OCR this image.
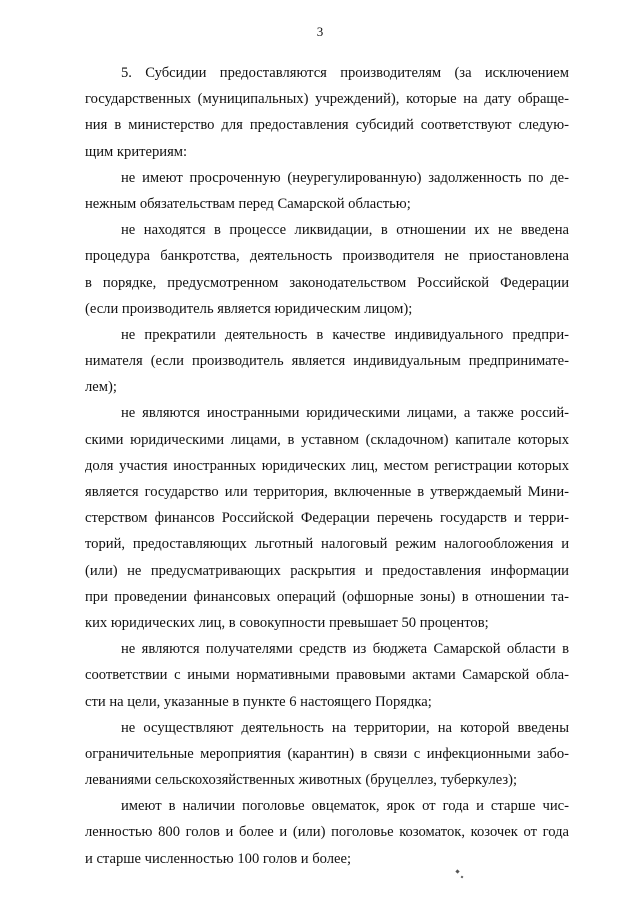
3
5. Субсидии предоставляются производителям (за исключением
государственных (муниципальных) учреждений), которые на дату обраще-
ния в министерство для предоставления субсидий соответствуют следую-
щим критериям:
не имеют просроченную (неурегулированную) задолженность по де-
нежным обязательствам перед Самарской областью;
не находятся в процессе ликвидации, в отношении их не введена
процедура банкротства, деятельность производителя не приостановлена
в порядке, предусмотренном законодательством Российской Федерации
(если производитель является юридическим лицом);
не прекратили деятельность в качестве индивидуального предпри-
нимателя (если производитель является индивидуальным предпринимате-
лем);
не являются иностранными юридическими лицами, а также россий-
скими юридическими лицами, в уставном (складочном) капитале которых
доля участия иностранных юридических лиц, местом регистрации которых
является государство или территория, включенные в утверждаемый Мини-
стерством финансов Российской Федерации перечень государств и терри-
торий, предоставляющих льготный налоговый режим налогообложения и
(или) не предусматривающих раскрытия и предоставления информации
при проведении финансовых операций (офшорные зоны) в отношении та-
ких юридических лиц, в совокупности превышает 50 процентов;
не являются получателями средств из бюджета Самарской области в
соответствии с иными нормативными правовыми актами Самарской обла-
сти на цели, указанные в пункте 6 настоящего Порядка;
не осуществляют деятельность на территории, на которой введены
ограничительные мероприятия (карантин) в связи с инфекционными забо-
леваниями сельскохозяйственных животных (бруцеллез, туберкулез);
имеют в наличии поголовье овцематок, ярок от года и старше чис-
ленностью 800 голов и более и (или) поголовье козоматок, козочек от года
и старше численностью 100 голов и более;
